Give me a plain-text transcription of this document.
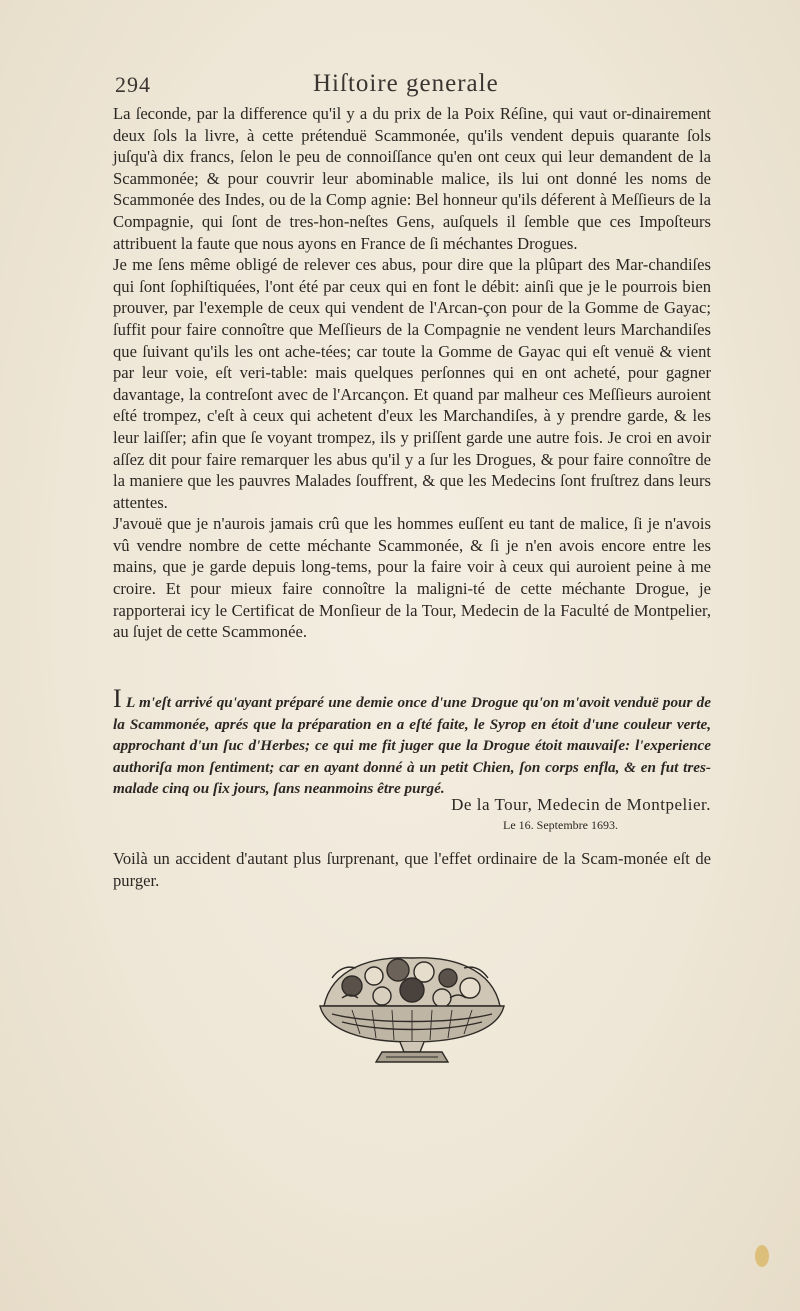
294	Hiſtoire generale

La ſeconde, par la difference qu'il y a du prix de la Poix Réſine, qui vaut or-dinairement deux ſols la livre, à cette prétenduë Scammonée, qu'ils vendent depuis quarante ſols juſqu'à dix francs, ſelon le peu de connoiſſance qu'en ont ceux qui leur demandent de la Scammonée; & pour couvrir leur abominable malice, ils lui ont donné les noms de Scammonée des Indes, ou de la Comp agnie: Bel honneur qu'ils déferent à Meſſieurs de la Compagnie, qui ſont de tres-hon-neſtes Gens, auſquels il ſemble que ces Impoſteurs attribuent la faute que nous ayons en France de ſi méchantes Drogues.

Je me ſens même obligé de relever ces abus, pour dire que la plûpart des Mar-chandiſes qui ſont ſophiſtiquées, l'ont été par ceux qui en font le débit: ainſi que je le pourrois bien prouver, par l'exemple de ceux qui vendent de l'Arcan-çon pour de la Gomme de Gayac; ſuffit pour faire connoître que Meſſieurs de la Compagnie ne vendent leurs Marchandiſes que ſuivant qu'ils les ont ache-tées; car toute la Gomme de Gayac qui eſt venuë & vient par leur voie, eſt veri-table: mais quelques perſonnes qui en ont acheté, pour gagner davantage, la contreſont avec de l'Arcançon. Et quand par malheur ces Meſſieurs auroient eſté trompez, c'eſt à ceux qui achetent d'eux les Marchandiſes, à y prendre garde, & les leur laiſſer; afin que ſe voyant trompez, ils y priſſent garde une autre fois. Je croi en avoir aſſez dit pour faire remarquer les abus qu'il y a ſur les Drogues, & pour faire connoître de la maniere que les pauvres Malades ſouffrent, & que les Medecins ſont fruſtrez dans leurs attentes.

J'avouë que je n'aurois jamais crû que les hommes euſſent eu tant de malice, ſi je n'avois vû vendre nombre de cette méchante Scammonée, & ſi je n'en avois encore entre les mains, que je garde depuis long-tems, pour la faire voir à ceux qui auroient peine à me croire. Et pour mieux faire connoître la maligni-té de cette méchante Drogue, je rapporterai icy le Certificat de Monſieur de la Tour, Medecin de la Faculté de Montpelier, au ſujet de cette Scammonée.

I L m'eſt arrivé qu'ayant préparé une demie once d'une Drogue qu'on m'avoit venduë pour de la Scammonée, aprés que la préparation en a eſté faite, le Syrop en étoit d'une couleur verte, approchant d'un ſuc d'Herbes; ce qui me fit juger que la Drogue étoit mauvaiſe: l'experience authoriſa mon ſentiment; car en ayant donné à un petit Chien, ſon corps enfla, & en fut tres-malade cinq ou ſix jours, ſans neanmoins être purgé.
De la Tour, Medecin de Montpelier.
Le 16. Septembre 1693.
Voilà un accident d'autant plus ſurprenant, que l'effet ordinaire de la Scam-monée eſt de purger.
